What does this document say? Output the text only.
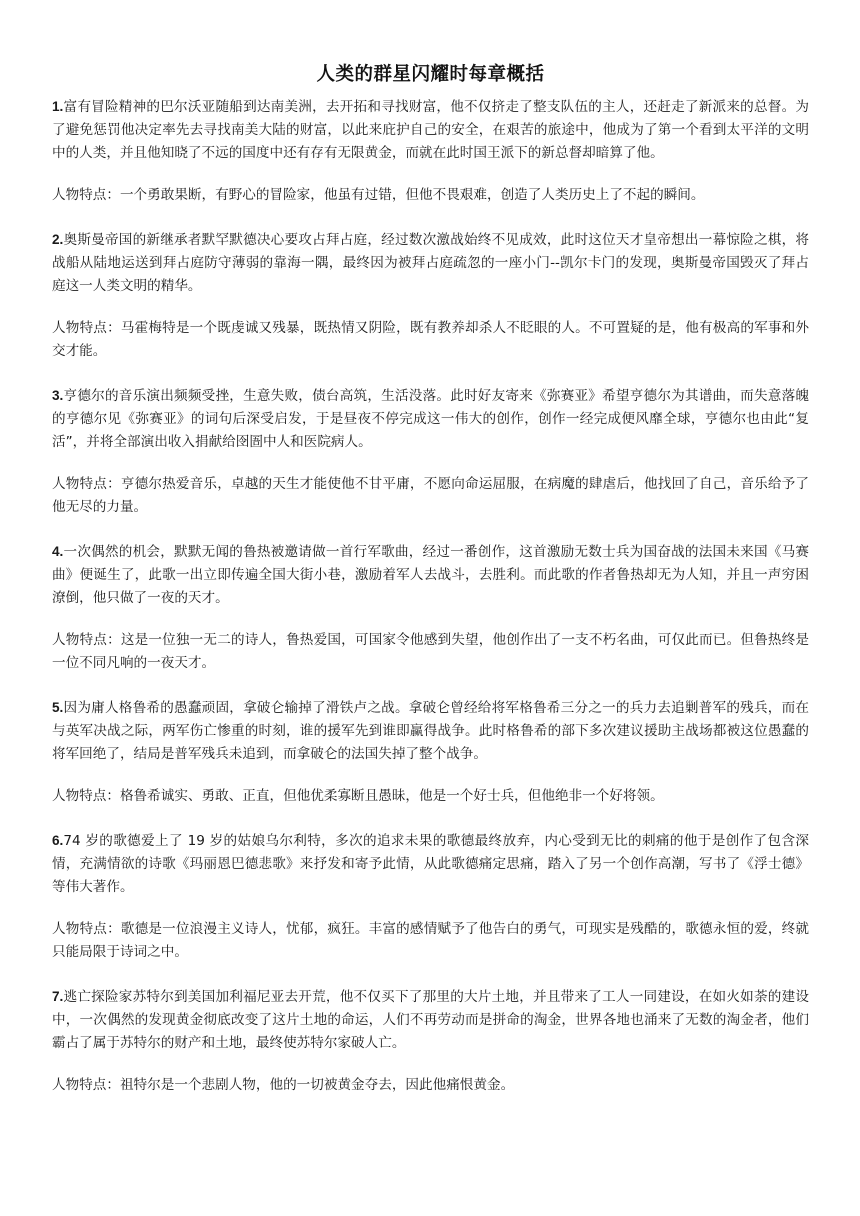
人类的群星闪耀时每章概括

1.富有冒险精神的巴尔沃亚随船到达南美洲，去开拓和寻找财富，他不仅挤走了整支队伍的主人，还赶走了新派来的总督。为了避免惩罚他决定率先去寻找南美大陆的财富，以此来庇护自己的安全，在艰苦的旅途中，他成为了第一个看到太平洋的文明中的人类，并且他知晓了不远的国度中还有存有无限黄金，而就在此时国王派下的新总督却暗算了他。

人物特点：一个勇敢果断，有野心的冒险家，他虽有过错，但他不畏艰难，创造了人类历史上了不起的瞬间。

2.奥斯曼帝国的新继承者默罕默德决心要攻占拜占庭，经过数次激战始终不见成效，此时这位天才皇帝想出一幕惊险之棋，将战船从陆地运送到拜占庭防守薄弱的靠海一隅，最终因为被拜占庭疏忽的一座小门--凯尔卡门的发现，奥斯曼帝国毁灭了拜占庭这一人类文明的精华。

人物特点：马霍梅特是一个既虔诚又残暴，既热情又阴险，既有教养却杀人不眨眼的人。不可置疑的是，他有极高的军事和外交才能。

3.亨德尔的音乐演出频频受挫，生意失败，债台高筑，生活没落。此时好友寄来《弥赛亚》希望亨德尔为其谱曲，而失意落魄的亨德尔见《弥赛亚》的词句后深受启发，于是昼夜不停完成这一伟大的创作，创作一经完成便风靡全球，亨德尔也由此“复活”，并将全部演出收入捐献给囹圄中人和医院病人。

人物特点：亨德尔热爱音乐，卓越的天生才能使他不甘平庸，不愿向命运屈服，在病魔的肆虐后，他找回了自己，音乐给予了他无尽的力量。

4.一次偶然的机会，默默无闻的鲁热被邀请做一首行军歌曲，经过一番创作，这首激励无数士兵为国奋战的法国未来国《马赛曲》便诞生了，此歌一出立即传遍全国大街小巷，激励着军人去战斗，去胜利。而此歌的作者鲁热却无为人知，并且一声穷困潦倒，他只做了一夜的天才。

人物特点：这是一位独一无二的诗人，鲁热爱国，可国家令他感到失望，他创作出了一支不朽名曲，可仅此而已。但鲁热终是一位不同凡响的一夜天才。

5.因为庸人格鲁希的愚蠢顽固，拿破仑输掉了滑铁卢之战。拿破仑曾经给将军格鲁希三分之一的兵力去追剿普军的残兵，而在与英军决战之际，两军伤亡惨重的时刻，谁的援军先到谁即赢得战争。此时格鲁希的部下多次建议援助主战场都被这位愚蠢的将军回绝了，结局是普军残兵未追到，而拿破仑的法国失掉了整个战争。

人物特点：格鲁希诚实、勇敢、正直，但他优柔寡断且愚昧，他是一个好士兵，但他绝非一个好将领。

6.74 岁的歌德爱上了 19 岁的姑娘乌尔利特，多次的追求未果的歌德最终放弃，内心受到无比的刺痛的他于是创作了包含深情，充满情欲的诗歌《玛丽恩巴德悲歌》来抒发和寄予此情，从此歌德痛定思痛，踏入了另一个创作高潮，写书了《浮士德》等伟大著作。

人物特点：歌德是一位浪漫主义诗人，忧郁，疯狂。丰富的感情赋予了他告白的勇气，可现实是残酷的，歌德永恒的爱，终就只能局限于诗词之中。

7.逃亡探险家苏特尔到美国加利福尼亚去开荒，他不仅买下了那里的大片土地，并且带来了工人一同建设，在如火如荼的建设中，一次偶然的发现黄金彻底改变了这片土地的命运，人们不再劳动而是拼命的淘金，世界各地也涌来了无数的淘金者，他们霸占了属于苏特尔的财产和土地，最终使苏特尔家破人亡。

人物特点：祖特尔是一个悲剧人物，他的一切被黄金夺去，因此他痛恨黄金。
